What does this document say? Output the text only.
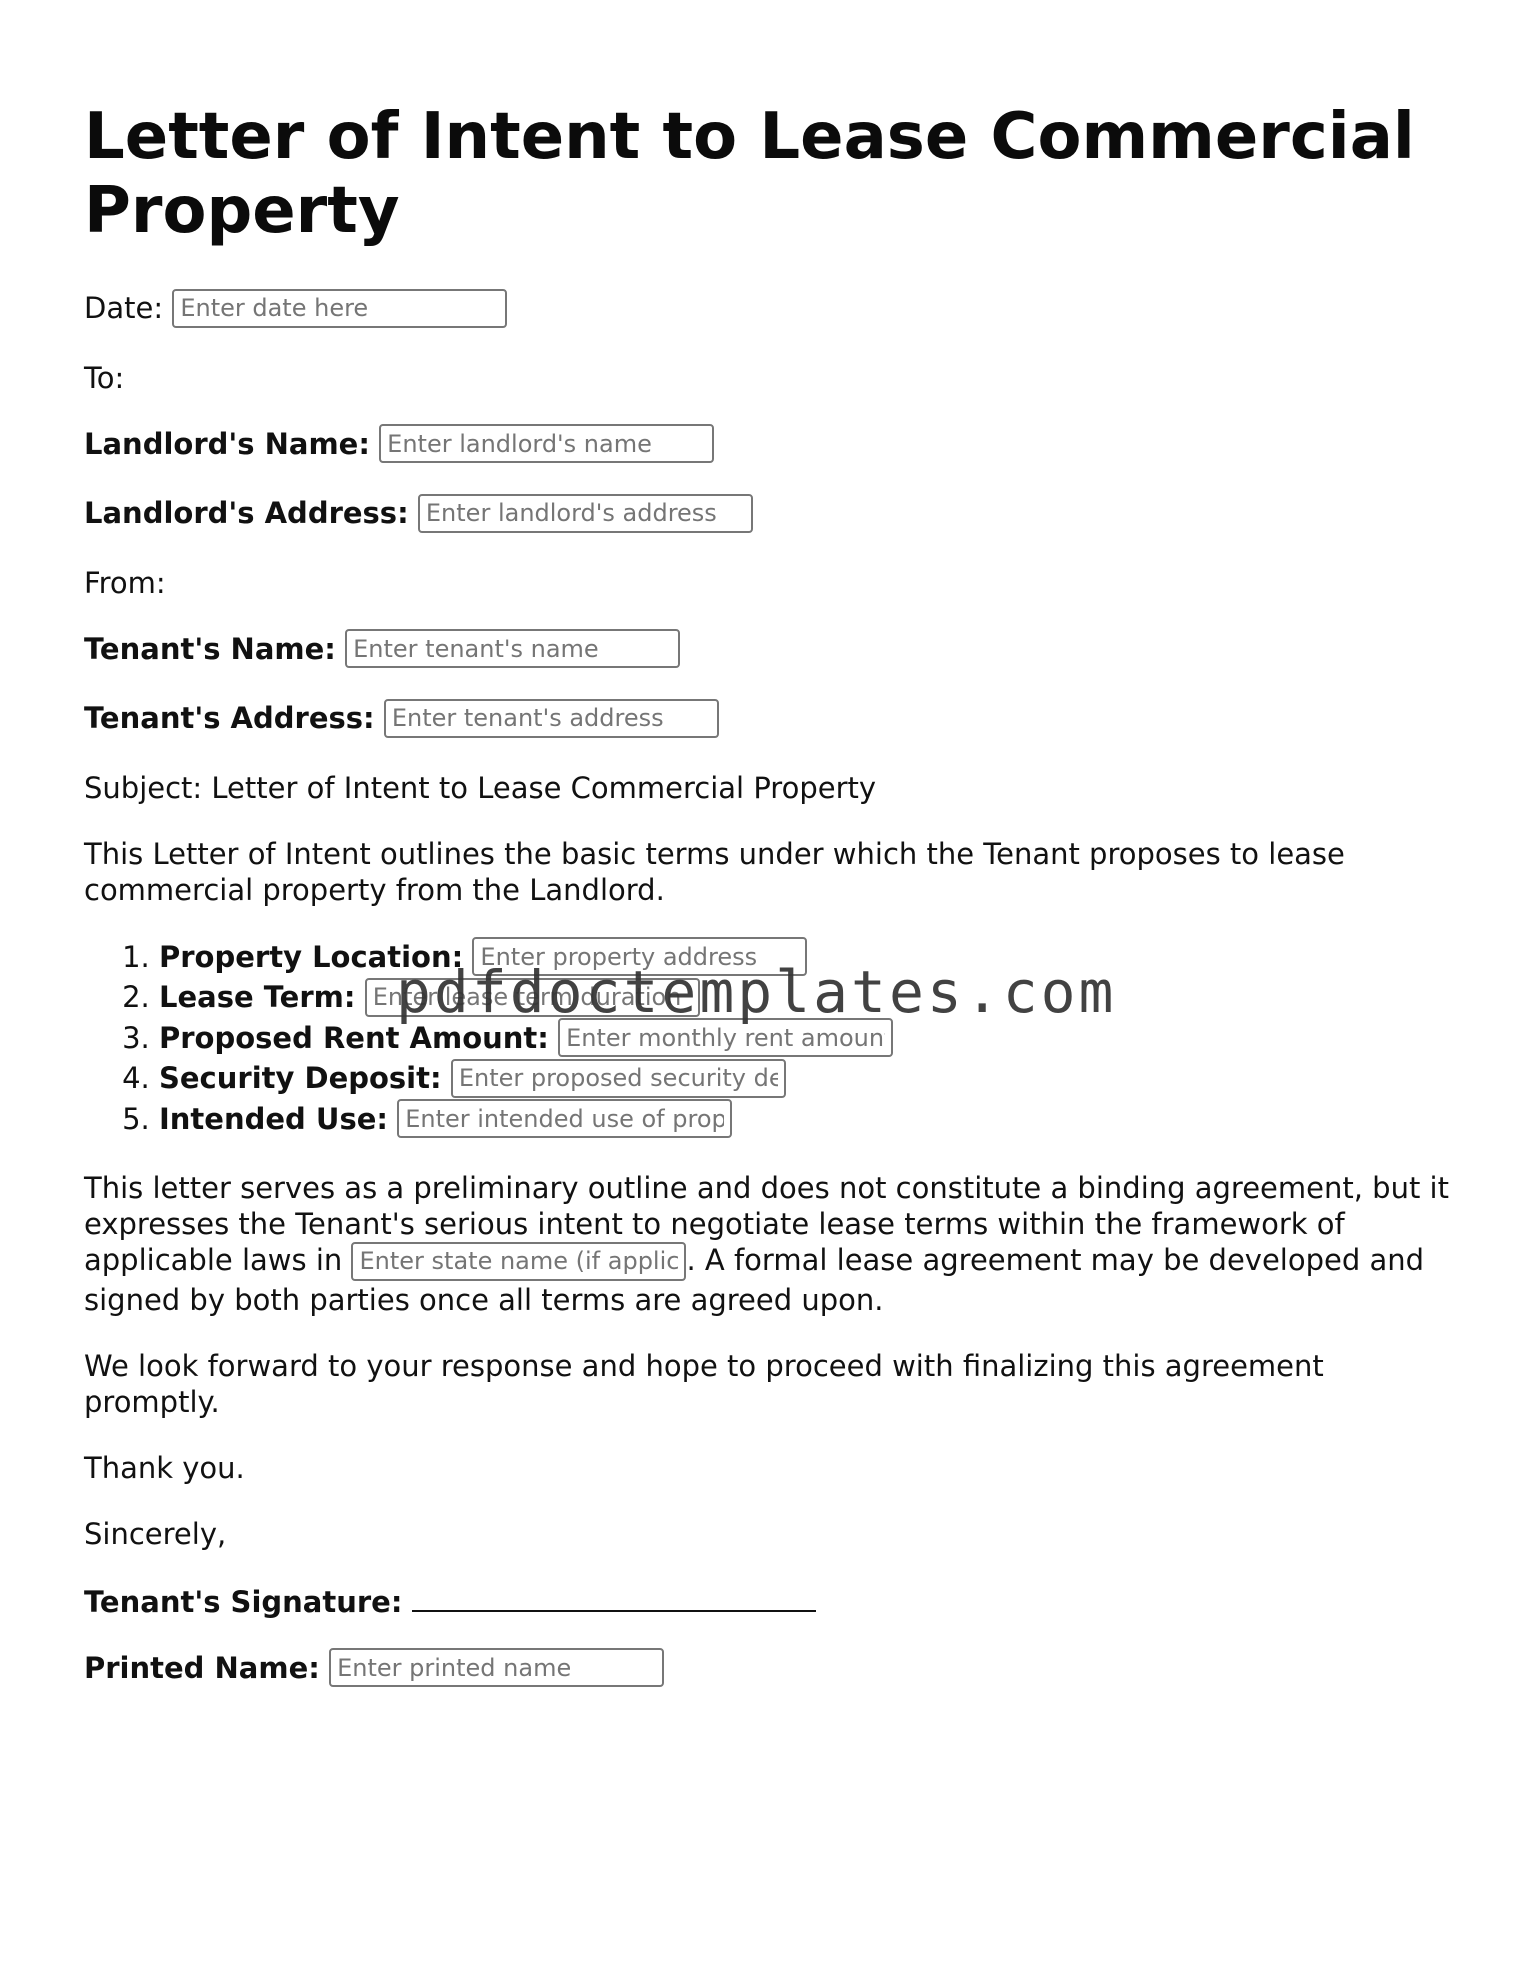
Letter of Intent to Lease Commercial Property

Date: Enter date here

To:

Landlord's Name: Enter landlord's name

Landlord's Address: Enter landlord's address

From:

Tenant's Name: Enter tenant's name

Tenant's Address: Enter tenant's address

Subject: Letter of Intent to Lease Commercial Property

This Letter of Intent outlines the basic terms under which the Tenant proposes to lease commercial property from the Landlord.

1. Property Location: Enter property address
2. Lease Term: Enter lease term duration
3. Proposed Rent Amount: Enter monthly rent amount
4. Security Deposit: Enter proposed security deposit
5. Intended Use: Enter intended use of property

This letter serves as a preliminary outline and does not constitute a binding agreement, but it expresses the Tenant's serious intent to negotiate lease terms within the framework of applicable laws in Enter state name (if applicable)	. A formal lease agreement may be developed and signed by both parties once all terms are agreed upon.

We look forward to your response and hope to proceed with finalizing this agreement promptly.

Thank you.

Sincerely,

Tenant's Signature:

Printed Name: Enter printed name

pdfdoctemplates.com
